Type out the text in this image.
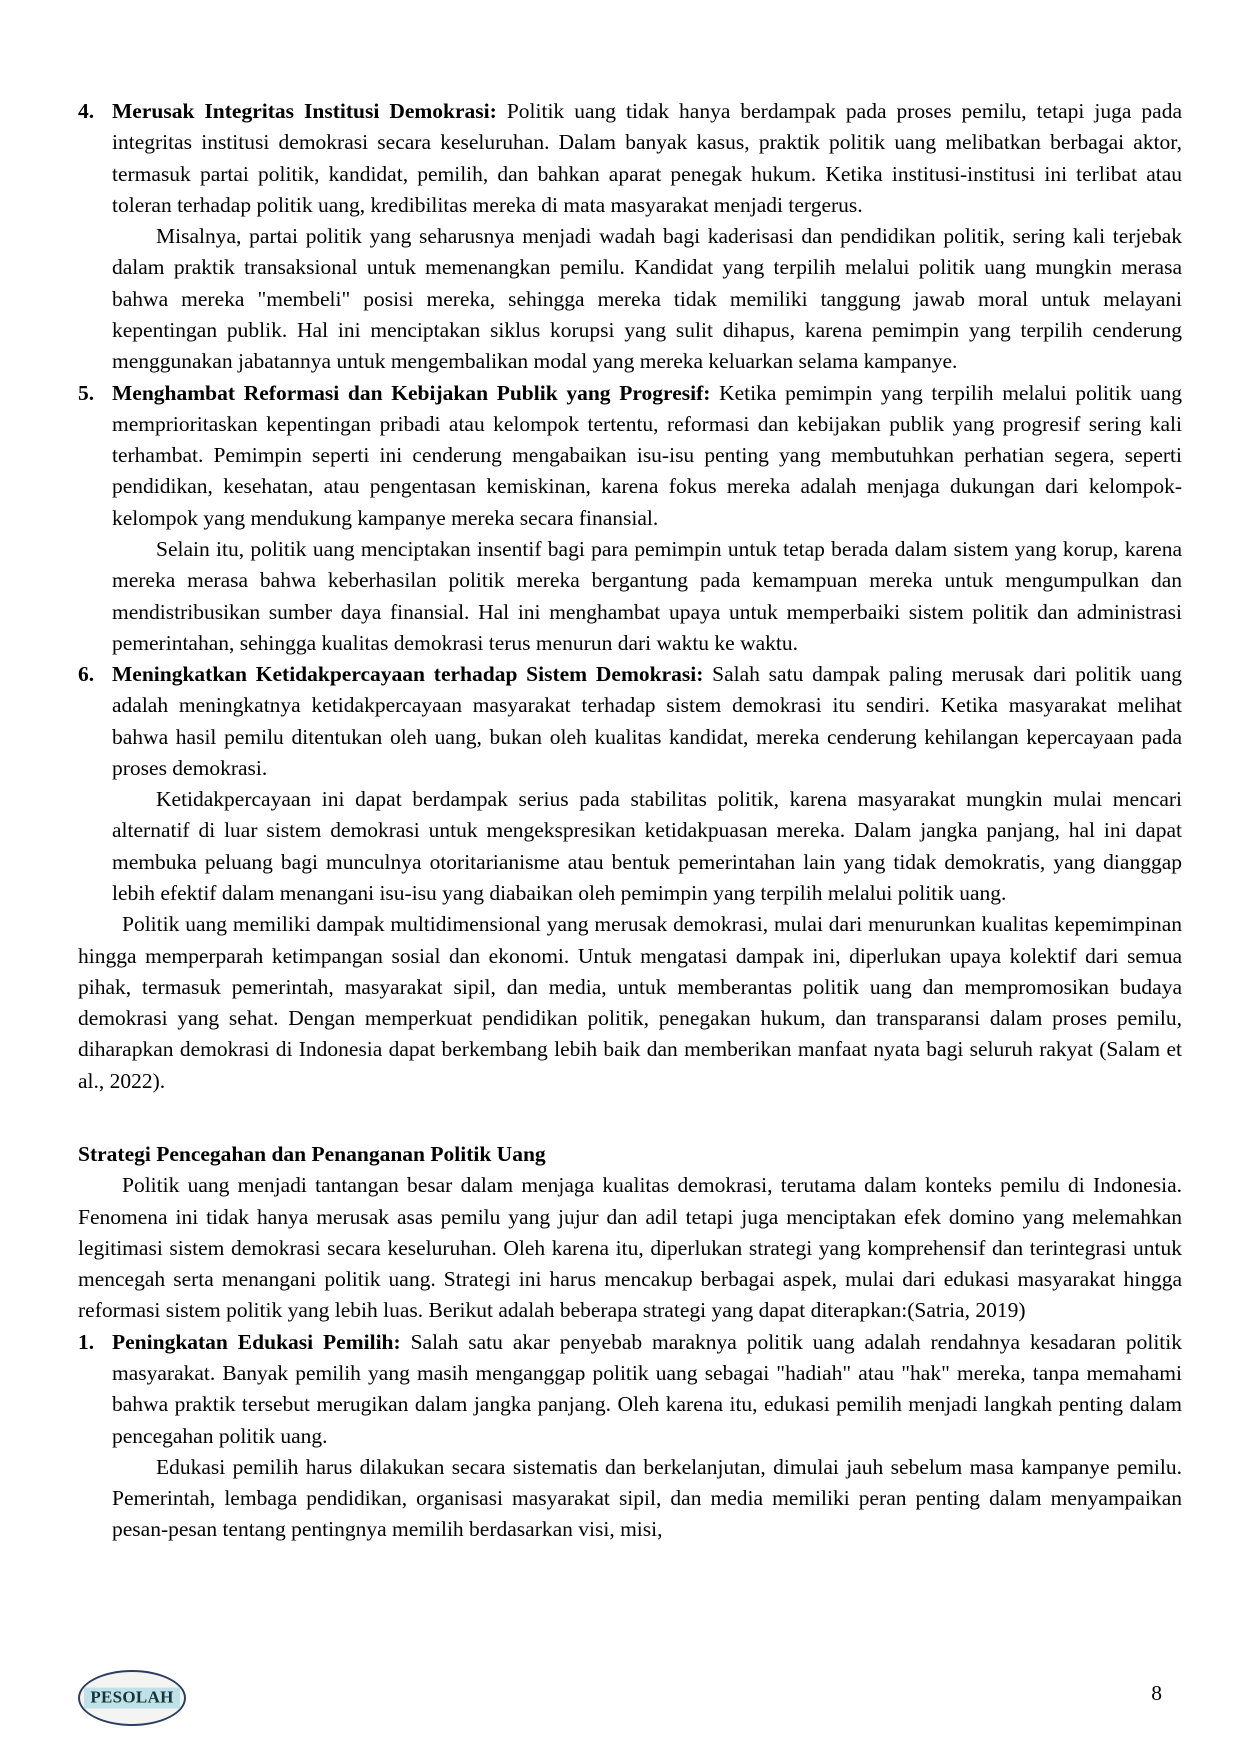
4. Merusak Integritas Institusi Demokrasi: Politik uang tidak hanya berdampak pada proses pemilu, tetapi juga pada integritas institusi demokrasi secara keseluruhan. Dalam banyak kasus, praktik politik uang melibatkan berbagai aktor, termasuk partai politik, kandidat, pemilih, dan bahkan aparat penegak hukum. Ketika institusi-institusi ini terlibat atau toleran terhadap politik uang, kredibilitas mereka di mata masyarakat menjadi tergerus.

Misalnya, partai politik yang seharusnya menjadi wadah bagi kaderisasi dan pendidikan politik, sering kali terjebak dalam praktik transaksional untuk memenangkan pemilu. Kandidat yang terpilih melalui politik uang mungkin merasa bahwa mereka "membeli" posisi mereka, sehingga mereka tidak memiliki tanggung jawab moral untuk melayani kepentingan publik. Hal ini menciptakan siklus korupsi yang sulit dihapus, karena pemimpin yang terpilih cenderung menggunakan jabatannya untuk mengembalikan modal yang mereka keluarkan selama kampanye.

5. Menghambat Reformasi dan Kebijakan Publik yang Progresif: Ketika pemimpin yang terpilih melalui politik uang memprioritaskan kepentingan pribadi atau kelompok tertentu, reformasi dan kebijakan publik yang progresif sering kali terhambat. Pemimpin seperti ini cenderung mengabaikan isu-isu penting yang membutuhkan perhatian segera, seperti pendidikan, kesehatan, atau pengentasan kemiskinan, karena fokus mereka adalah menjaga dukungan dari kelompok-kelompok yang mendukung kampanye mereka secara finansial.

Selain itu, politik uang menciptakan insentif bagi para pemimpin untuk tetap berada dalam sistem yang korup, karena mereka merasa bahwa keberhasilan politik mereka bergantung pada kemampuan mereka untuk mengumpulkan dan mendistribusikan sumber daya finansial. Hal ini menghambat upaya untuk memperbaiki sistem politik dan administrasi pemerintahan, sehingga kualitas demokrasi terus menurun dari waktu ke waktu.

6. Meningkatkan Ketidakpercayaan terhadap Sistem Demokrasi: Salah satu dampak paling merusak dari politik uang adalah meningkatnya ketidakpercayaan masyarakat terhadap sistem demokrasi itu sendiri. Ketika masyarakat melihat bahwa hasil pemilu ditentukan oleh uang, bukan oleh kualitas kandidat, mereka cenderung kehilangan kepercayaan pada proses demokrasi.

Ketidakpercayaan ini dapat berdampak serius pada stabilitas politik, karena masyarakat mungkin mulai mencari alternatif di luar sistem demokrasi untuk mengekspresikan ketidakpuasan mereka. Dalam jangka panjang, hal ini dapat membuka peluang bagi munculnya otoritarianisme atau bentuk pemerintahan lain yang tidak demokratis, yang dianggap lebih efektif dalam menangani isu-isu yang diabaikan oleh pemimpin yang terpilih melalui politik uang.

Politik uang memiliki dampak multidimensional yang merusak demokrasi, mulai dari menurunkan kualitas kepemimpinan hingga memperparah ketimpangan sosial dan ekonomi. Untuk mengatasi dampak ini, diperlukan upaya kolektif dari semua pihak, termasuk pemerintah, masyarakat sipil, dan media, untuk memberantas politik uang dan mempromosikan budaya demokrasi yang sehat. Dengan memperkuat pendidikan politik, penegakan hukum, dan transparansi dalam proses pemilu, diharapkan demokrasi di Indonesia dapat berkembang lebih baik dan memberikan manfaat nyata bagi seluruh rakyat (Salam et al., 2022).

Strategi Pencegahan dan Penanganan Politik Uang

Politik uang menjadi tantangan besar dalam menjaga kualitas demokrasi, terutama dalam konteks pemilu di Indonesia. Fenomena ini tidak hanya merusak asas pemilu yang jujur dan adil tetapi juga menciptakan efek domino yang melemahkan legitimasi sistem demokrasi secara keseluruhan. Oleh karena itu, diperlukan strategi yang komprehensif dan terintegrasi untuk mencegah serta menangani politik uang. Strategi ini harus mencakup berbagai aspek, mulai dari edukasi masyarakat hingga reformasi sistem politik yang lebih luas. Berikut adalah beberapa strategi yang dapat diterapkan:(Satria, 2019)

1. Peningkatan Edukasi Pemilih: Salah satu akar penyebab maraknya politik uang adalah rendahnya kesadaran politik masyarakat. Banyak pemilih yang masih menganggap politik uang sebagai "hadiah" atau "hak" mereka, tanpa memahami bahwa praktik tersebut merugikan dalam jangka panjang. Oleh karena itu, edukasi pemilih menjadi langkah penting dalam pencegahan politik uang.

Edukasi pemilih harus dilakukan secara sistematis dan berkelanjutan, dimulai jauh sebelum masa kampanye pemilu. Pemerintah, lembaga pendidikan, organisasi masyarakat sipil, dan media memiliki peran penting dalam menyampaikan pesan-pesan tentang pentingnya memilih berdasarkan visi, misi,

PESOLAH	8
